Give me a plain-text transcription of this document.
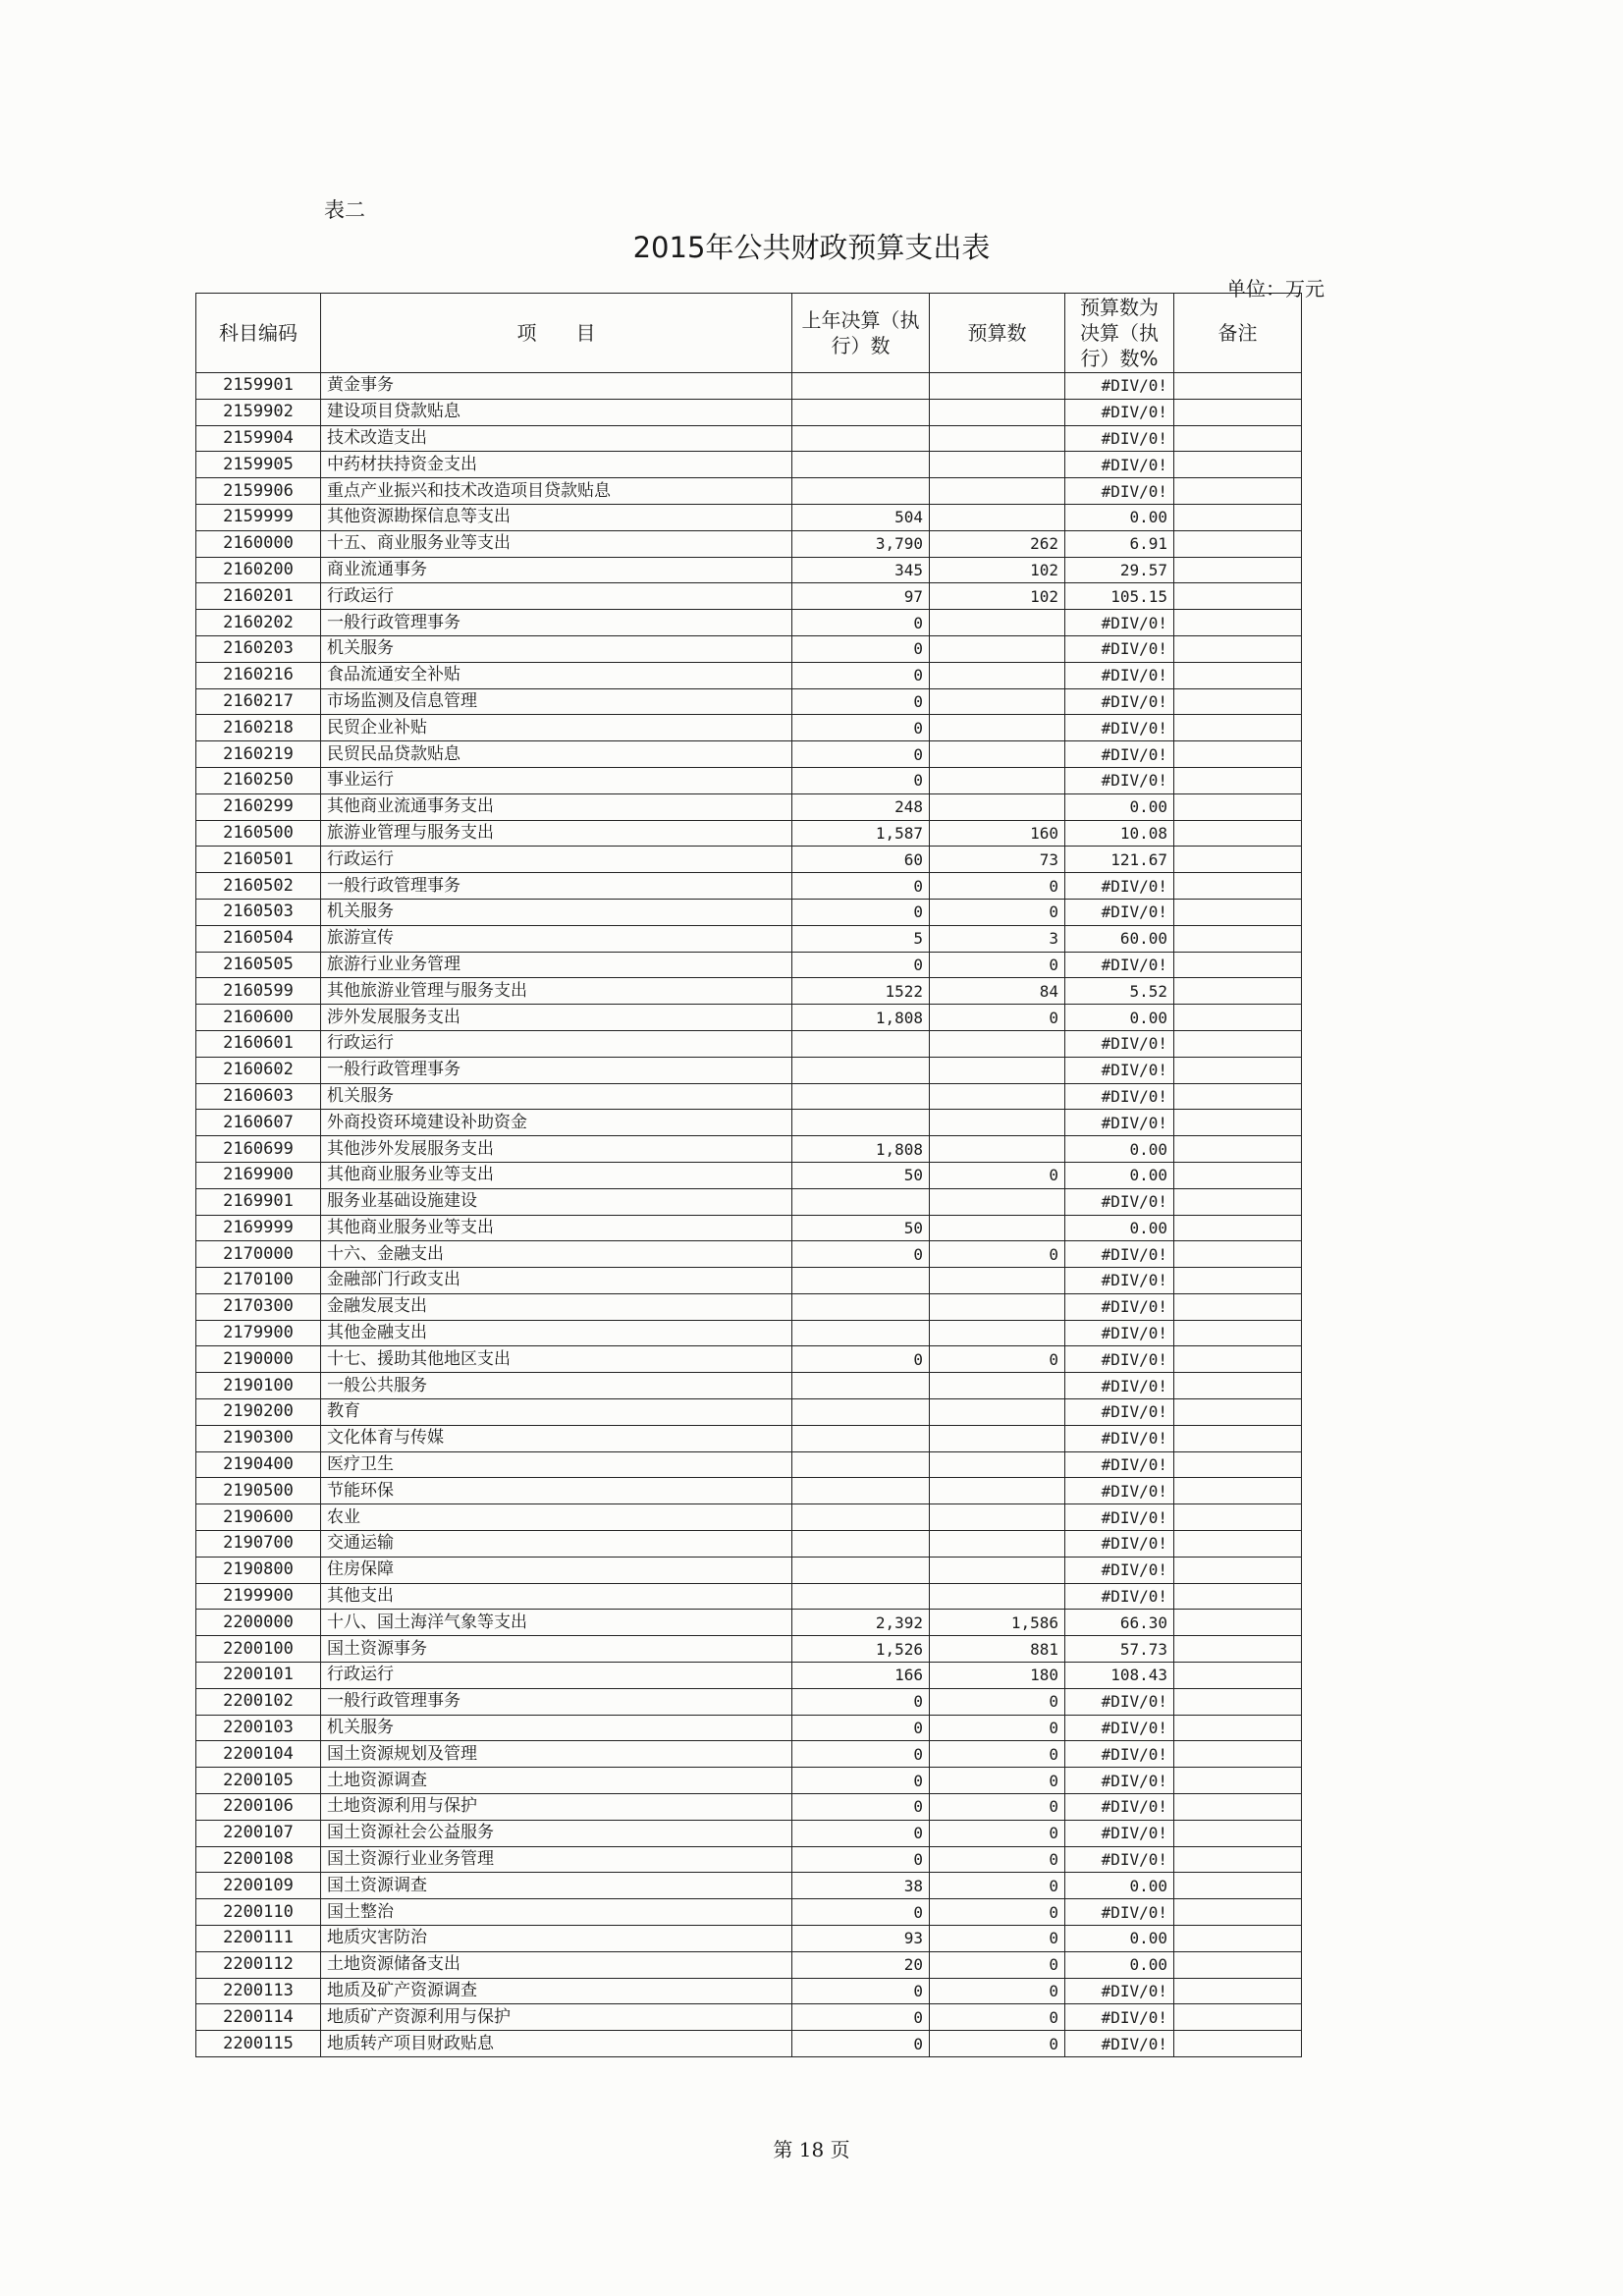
表二
2015年公共财政预算支出表
单位：万元
科目编码	项　　目	上年决算（执行）数	预算数	预算数为决算（执行）数%	备注
2159901	黄金事务			#DIV/0!	
2159902	建设项目贷款贴息			#DIV/0!	
2159904	技术改造支出			#DIV/0!	
2159905	中药材扶持资金支出			#DIV/0!	
2159906	重点产业振兴和技术改造项目贷款贴息			#DIV/0!	
2159999	其他资源勘探信息等支出	504		0.00	
2160000	十五、商业服务业等支出	3,790	262	6.91	
2160200	商业流通事务	345	102	29.57	
2160201	行政运行	97	102	105.15	
2160202	一般行政管理事务	0		#DIV/0!	
2160203	机关服务	0		#DIV/0!	
2160216	食品流通安全补贴	0		#DIV/0!	
2160217	市场监测及信息管理	0		#DIV/0!	
2160218	民贸企业补贴	0		#DIV/0!	
2160219	民贸民品贷款贴息	0		#DIV/0!	
2160250	事业运行	0		#DIV/0!	
2160299	其他商业流通事务支出	248		0.00	
2160500	旅游业管理与服务支出	1,587	160	10.08	
2160501	行政运行	60	73	121.67	
2160502	一般行政管理事务	0	0	#DIV/0!	
2160503	机关服务	0	0	#DIV/0!	
2160504	旅游宣传	5	3	60.00	
2160505	旅游行业业务管理	0	0	#DIV/0!	
2160599	其他旅游业管理与服务支出	1522	84	5.52	
2160600	涉外发展服务支出	1,808	0	0.00	
2160601	行政运行			#DIV/0!	
2160602	一般行政管理事务			#DIV/0!	
2160603	机关服务			#DIV/0!	
2160607	外商投资环境建设补助资金			#DIV/0!	
2160699	其他涉外发展服务支出	1,808		0.00	
2169900	其他商业服务业等支出	50	0	0.00	
2169901	服务业基础设施建设			#DIV/0!	
2169999	其他商业服务业等支出	50		0.00	
2170000	十六、金融支出	0	0	#DIV/0!	
2170100	金融部门行政支出			#DIV/0!	
2170300	金融发展支出			#DIV/0!	
2179900	其他金融支出			#DIV/0!	
2190000	十七、援助其他地区支出	0	0	#DIV/0!	
2190100	一般公共服务			#DIV/0!	
2190200	教育			#DIV/0!	
2190300	文化体育与传媒			#DIV/0!	
2190400	医疗卫生			#DIV/0!	
2190500	节能环保			#DIV/0!	
2190600	农业			#DIV/0!	
2190700	交通运输			#DIV/0!	
2190800	住房保障			#DIV/0!	
2199900	其他支出			#DIV/0!	
2200000	十八、国土海洋气象等支出	2,392	1,586	66.30	
2200100	国土资源事务	1,526	881	57.73	
2200101	行政运行	166	180	108.43	
2200102	一般行政管理事务	0	0	#DIV/0!	
2200103	机关服务	0	0	#DIV/0!	
2200104	国土资源规划及管理	0	0	#DIV/0!	
2200105	土地资源调查	0	0	#DIV/0!	
2200106	土地资源利用与保护	0	0	#DIV/0!	
2200107	国土资源社会公益服务	0	0	#DIV/0!	
2200108	国土资源行业业务管理	0	0	#DIV/0!	
2200109	国土资源调查	38	0	0.00	
2200110	国土整治	0	0	#DIV/0!	
2200111	地质灾害防治	93	0	0.00	
2200112	土地资源储备支出	20	0	0.00	
2200113	地质及矿产资源调查	0	0	#DIV/0!	
2200114	地质矿产资源利用与保护	0	0	#DIV/0!	
2200115	地质转产项目财政贴息	0	0	#DIV/0!	
第 18 页
